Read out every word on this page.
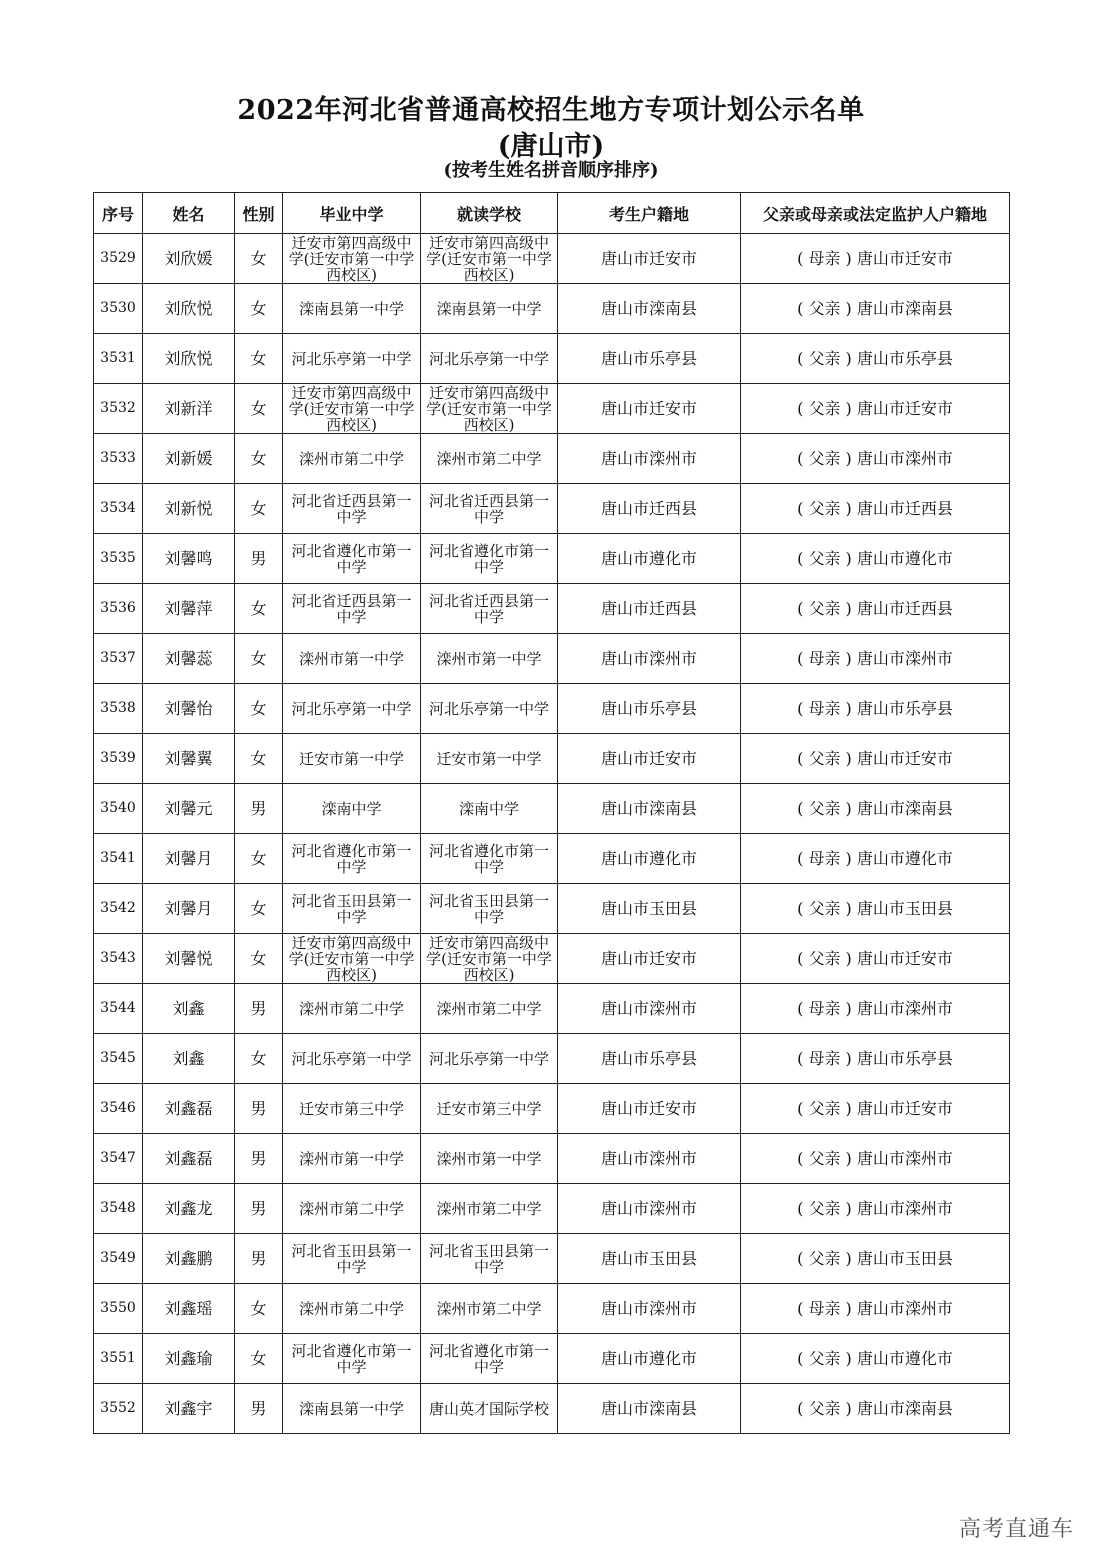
2022年河北省普通高校招生地方专项计划公示名单
(唐山市)
(按考生姓名拼音顺序排序)
序号	姓名	性别	毕业中学	就读学校	考生户籍地	父亲或母亲或法定监护人户籍地
3529	刘欣媛	女	迁安市第四高级中学(迁安市第一中学西校区)	迁安市第四高级中学(迁安市第一中学西校区)	唐山市迁安市	( 母亲 ) 唐山市迁安市
3530	刘欣悦	女	滦南县第一中学	滦南县第一中学	唐山市滦南县	( 父亲 ) 唐山市滦南县
3531	刘欣悦	女	河北乐亭第一中学	河北乐亭第一中学	唐山市乐亭县	( 父亲 ) 唐山市乐亭县
3532	刘新洋	女	迁安市第四高级中学(迁安市第一中学西校区)	迁安市第四高级中学(迁安市第一中学西校区)	唐山市迁安市	( 父亲 ) 唐山市迁安市
3533	刘新媛	女	滦州市第二中学	滦州市第二中学	唐山市滦州市	( 父亲 ) 唐山市滦州市
3534	刘新悦	女	河北省迁西县第一中学	河北省迁西县第一中学	唐山市迁西县	( 父亲 ) 唐山市迁西县
3535	刘馨鸣	男	河北省遵化市第一中学	河北省遵化市第一中学	唐山市遵化市	( 父亲 ) 唐山市遵化市
3536	刘馨萍	女	河北省迁西县第一中学	河北省迁西县第一中学	唐山市迁西县	( 父亲 ) 唐山市迁西县
3537	刘馨蕊	女	滦州市第一中学	滦州市第一中学	唐山市滦州市	( 母亲 ) 唐山市滦州市
3538	刘馨怡	女	河北乐亭第一中学	河北乐亭第一中学	唐山市乐亭县	( 母亲 ) 唐山市乐亭县
3539	刘馨翼	女	迁安市第一中学	迁安市第一中学	唐山市迁安市	( 父亲 ) 唐山市迁安市
3540	刘馨元	男	滦南中学	滦南中学	唐山市滦南县	( 父亲 ) 唐山市滦南县
3541	刘馨月	女	河北省遵化市第一中学	河北省遵化市第一中学	唐山市遵化市	( 母亲 ) 唐山市遵化市
3542	刘馨月	女	河北省玉田县第一中学	河北省玉田县第一中学	唐山市玉田县	( 父亲 ) 唐山市玉田县
3543	刘馨悦	女	迁安市第四高级中学(迁安市第一中学西校区)	迁安市第四高级中学(迁安市第一中学西校区)	唐山市迁安市	( 父亲 ) 唐山市迁安市
3544	刘鑫	男	滦州市第二中学	滦州市第二中学	唐山市滦州市	( 母亲 ) 唐山市滦州市
3545	刘鑫	女	河北乐亭第一中学	河北乐亭第一中学	唐山市乐亭县	( 母亲 ) 唐山市乐亭县
3546	刘鑫磊	男	迁安市第三中学	迁安市第三中学	唐山市迁安市	( 父亲 ) 唐山市迁安市
3547	刘鑫磊	男	滦州市第一中学	滦州市第一中学	唐山市滦州市	( 父亲 ) 唐山市滦州市
3548	刘鑫龙	男	滦州市第二中学	滦州市第二中学	唐山市滦州市	( 父亲 ) 唐山市滦州市
3549	刘鑫鹏	男	河北省玉田县第一中学	河北省玉田县第一中学	唐山市玉田县	( 父亲 ) 唐山市玉田县
3550	刘鑫瑶	女	滦州市第二中学	滦州市第二中学	唐山市滦州市	( 母亲 ) 唐山市滦州市
3551	刘鑫瑜	女	河北省遵化市第一中学	河北省遵化市第一中学	唐山市遵化市	( 父亲 ) 唐山市遵化市
3552	刘鑫宇	男	滦南县第一中学	唐山英才国际学校	唐山市滦南县	( 父亲 ) 唐山市滦南县
高考直通车
